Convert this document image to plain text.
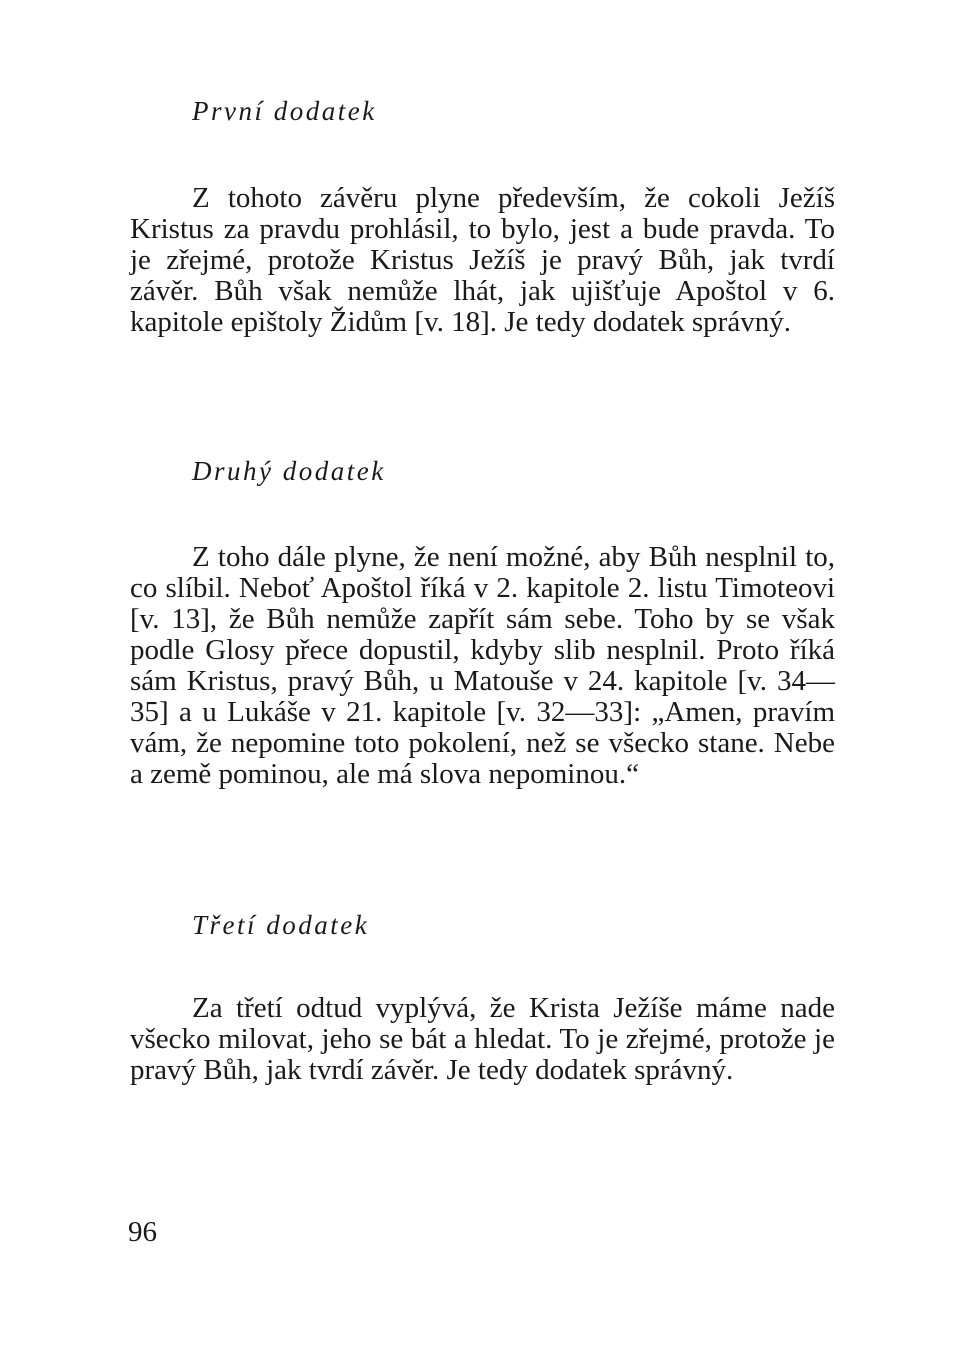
První dodatek

Z tohoto závěru plyne především, že cokoli Ježíš Kristus za pravdu prohlásil, to bylo, jest a bude pravda. To je zřejmé, protože Kristus Ježíš je pravý Bůh, jak tvrdí závěr. Bůh však nemůže lhát, jak ujišťuje Apoštol v 6. kapitole epištoly Židům [v. 18]. Je tedy dodatek správný.

Druhý dodatek

Z toho dále plyne, že není možné, aby Bůh nesplnil to, co slíbil. Neboť Apoštol říká v 2. kapitole 2. listu Timoteovi [v. 13], že Bůh nemůže zapřít sám sebe. Toho by se však podle Glosy přece dopustil, kdyby slib nesplnil. Proto říká sám Kristus, pravý Bůh, u Matouše v 24. kapitole [v. 34—35] a u Lukáše v 21. kapitole [v. 32—33]: „Amen, pravím vám, že nepomine toto pokolení, než se všecko stane. Nebe a země pominou, ale má slova nepominou.“

Třetí dodatek

Za třetí odtud vyplývá, že Krista Ježíše máme nade všecko milovat, jeho se bát a hledat. To je zřejmé, protože je pravý Bůh, jak tvrdí závěr. Je tedy dodatek správný.

96
